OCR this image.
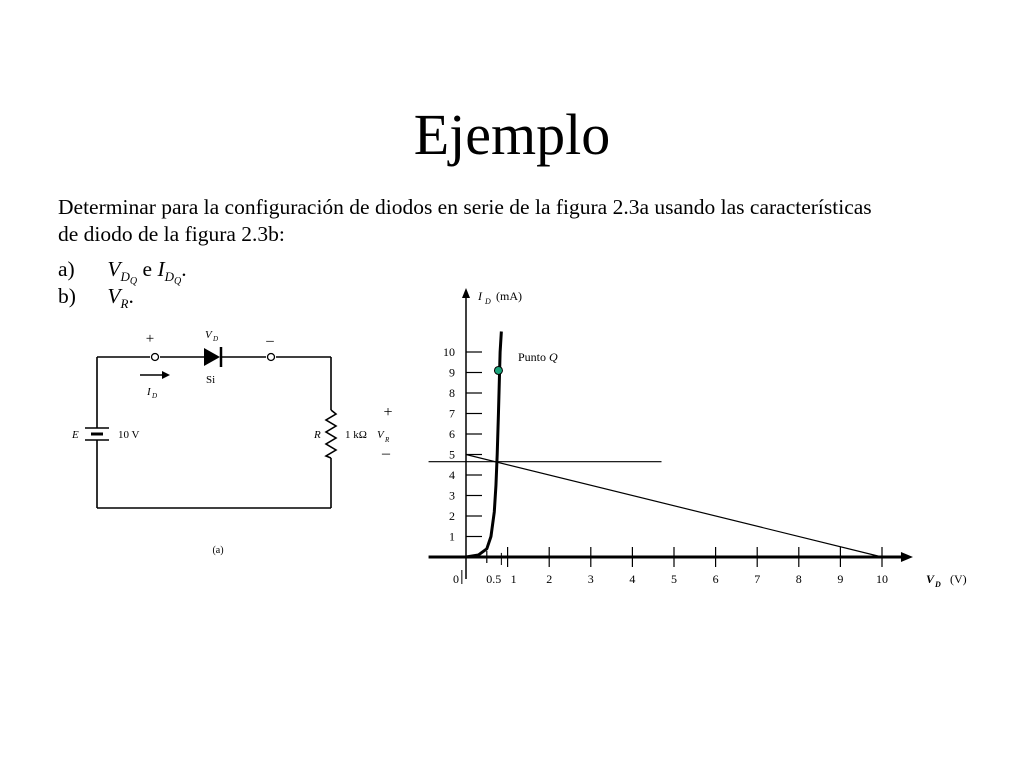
Ejemplo
Determinar para la configuración de diodos en serie de la figura 2.3a usando las características
de diodo de la figura 2.3b:
a) $V_{D_Q}$ e $I_{D_Q}$.
b) $V_R$.
+	–
V D
Si
I D
E	10 V	R 1 kΩ V R
+
–
(a)
0 0.5 1 2	3	4	5	6	7	8	9	10
1
2
3
4
5
6
7
8
9
10	Punto Q
I D (mA)
V D (V)
